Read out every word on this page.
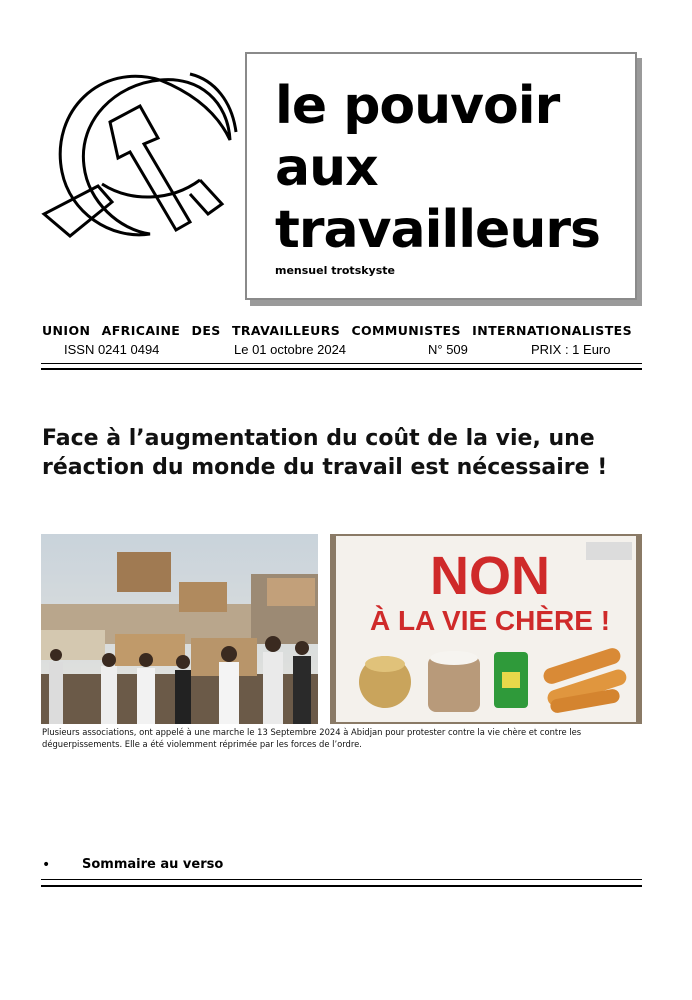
le pouvoir
aux
travailleurs
mensuel trotskyste
UNION AFRICAINE DES TRAVAILLEURS COMMUNISTES INTERNATIONALISTES
ISSN 0241 0494	Le 01 octobre 2024	N° 509	PRIX : 1 Euro
Face à l’augmentation du coût de la vie, une
réaction du monde du travail est nécessaire !
NON
À LA VIE CHÈRE !
Plusieurs associations, ont appelé à une marche le 13 Septembre 2024 à Abidjan pour protester contre la vie chère et contre les déguerpissements. Elle a été violemment réprimée par les forces de l’ordre.
• Sommaire au verso
